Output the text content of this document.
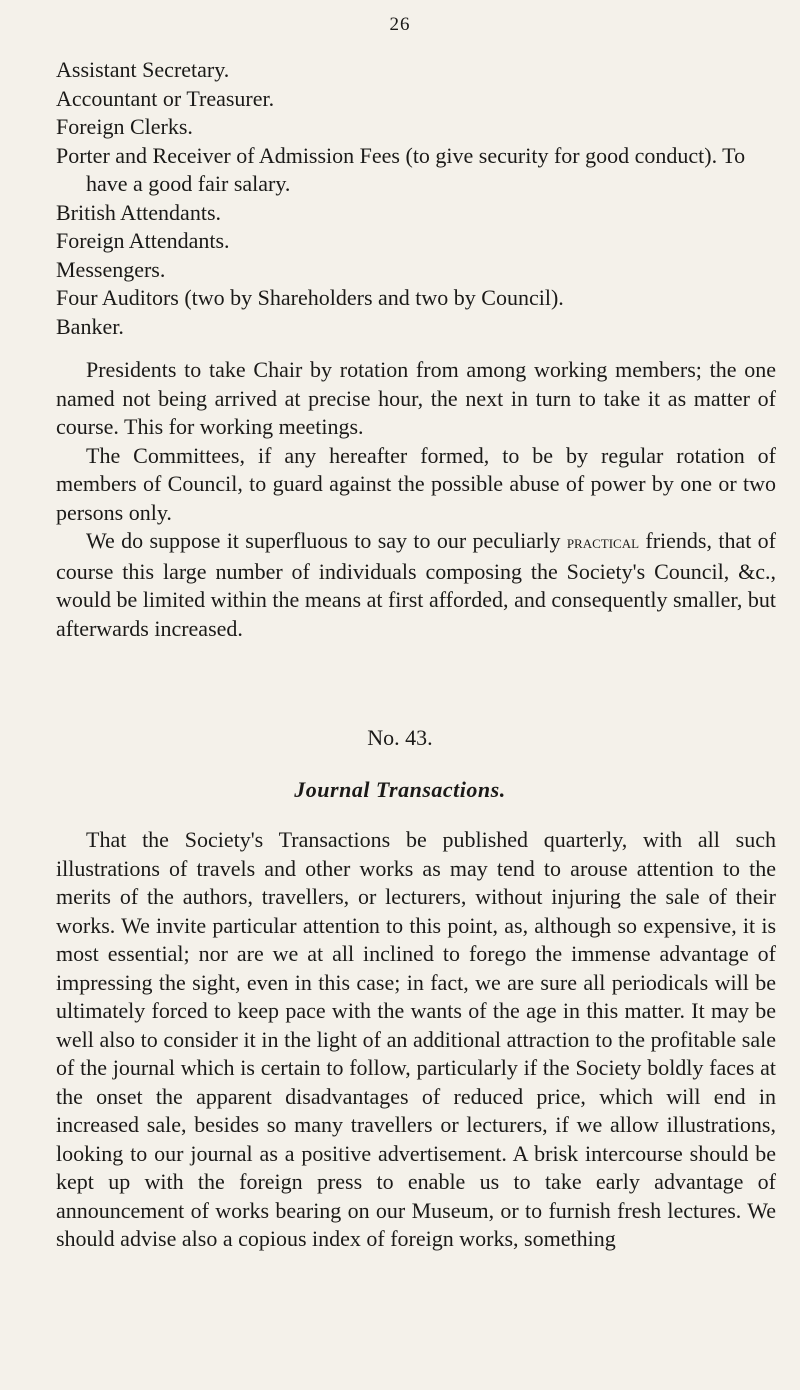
26
Assistant Secretary.
Accountant or Treasurer.
Foreign Clerks.
Porter and Receiver of Admission Fees (to give security for good conduct). To have a good fair salary.
British Attendants.
Foreign Attendants.
Messengers.
Four Auditors (two by Shareholders and two by Council).
Banker.

Presidents to take Chair by rotation from among working members; the one named not being arrived at precise hour, the next in turn to take it as matter of course. This for working meetings.

The Committees, if any hereafter formed, to be by regular rotation of members of Council, to guard against the possible abuse of power by one or two persons only.

We do suppose it superfluous to say to our peculiarly practical friends, that of course this large number of individuals composing the Society's Council, &c., would be limited within the means at first afforded, and consequently smaller, but afterwards increased.

No. 43.
Journal Transactions.

That the Society's Transactions be published quarterly, with all such illustrations of travels and other works as may tend to arouse attention to the merits of the authors, travellers, or lecturers, without injuring the sale of their works. We invite particular attention to this point, as, although so expensive, it is most essential; nor are we at all inclined to forego the immense advantage of impressing the sight, even in this case; in fact, we are sure all periodicals will be ultimately forced to keep pace with the wants of the age in this matter. It may be well also to consider it in the light of an additional attraction to the profitable sale of the journal which is certain to follow, particularly if the Society boldly faces at the onset the apparent disadvantages of reduced price, which will end in increased sale, besides so many travellers or lecturers, if we allow illustrations, looking to our journal as a positive advertisement. A brisk intercourse should be kept up with the foreign press to enable us to take early advantage of announcement of works bearing on our Museum, or to furnish fresh lectures. We should advise also a copious index of foreign works, something
